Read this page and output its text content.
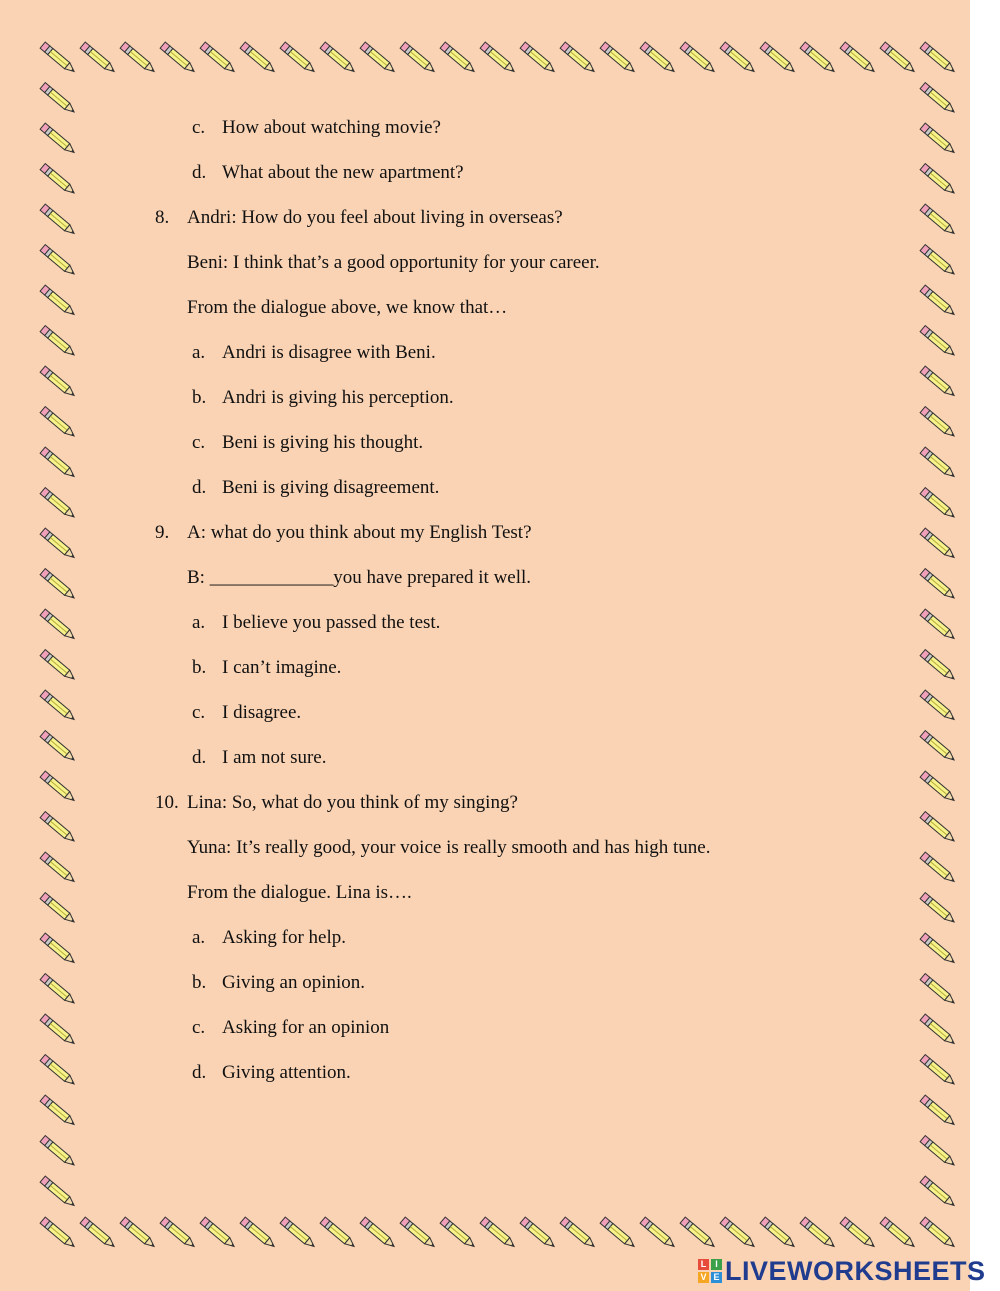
c. How about watching movie?
d. What about the new apartment?
8. Andri: How do you feel about living in overseas?
Beni: I think that’s a good opportunity for your career.
From the dialogue above, we know that…
a. Andri is disagree with Beni.
b. Andri is giving his perception.
c. Beni is giving his thought.
d. Beni is giving disagreement.
9. A: what do you think about my English Test?
B: _____________you have prepared it well.
a. I believe you passed the test.
b. I can’t imagine.
c. I disagree.
d. I am not sure.
10. Lina: So, what do you think of my singing?
Yuna: It’s really good, your voice is really smooth and has high tune.
From the dialogue. Lina is….
a. Asking for help.
b. Giving an opinion.
c. Asking for an opinion
d. Giving attention.
L I
V E LIVEWORKSHEETS
